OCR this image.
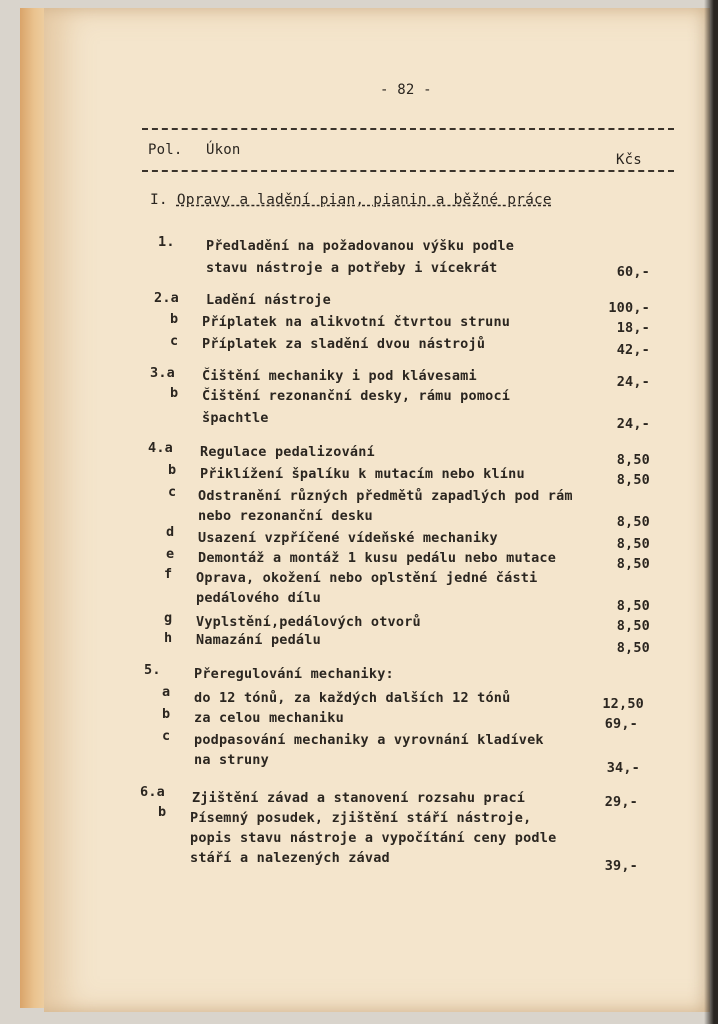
- 82 -
Pol. Úkon
Kčs
I. Opravy a ladění pian, pianin a běžné práce
1. Předladění na požadovanou výšku podle
stavu nástroje a potřeby i vícekrát	60,-
2.a Ladění nástroje	100,-
b Příplatek na alikvotní čtvrtou strunu	18,-
c Příplatek za sladění dvou nástrojů	42,-
3.a Čištění mechaniky i pod klávesami	24,-
b Čištění rezonanční desky, rámu pomocí
špachtle	24,-
4.a Regulace pedalizování	8,50
b Přiklížení špalíku k mutacím nebo klínu	8,50
c Odstranění různých předmětů zapadlých pod rám
nebo rezonanční desku	8,50
d Usazení vzpříčené vídeňské mechaniky	8,50
e Demontáž a montáž 1 kusu pedálu nebo mutace	8,50
f Oprava, okožení nebo oplstění jedné části
pedálového dílu	8,50
g Vyplstění,pedálových otvorů	8,50
h Namazání pedálu	8,50
5. Přeregulování mechaniky:
a do 12 tónů, za každých dalších 12 tónů	12,50
b za celou mechaniku	69,-
c podpasování mechaniky a vyrovnání kladívek
na struny	34,-
6.a Zjištění závad a stanovení rozsahu prací	29,-
b Písemný posudek, zjištění stáří nástroje,
popis stavu nástroje a vypočítání ceny podle
stáří a nalezených závad	39,-
